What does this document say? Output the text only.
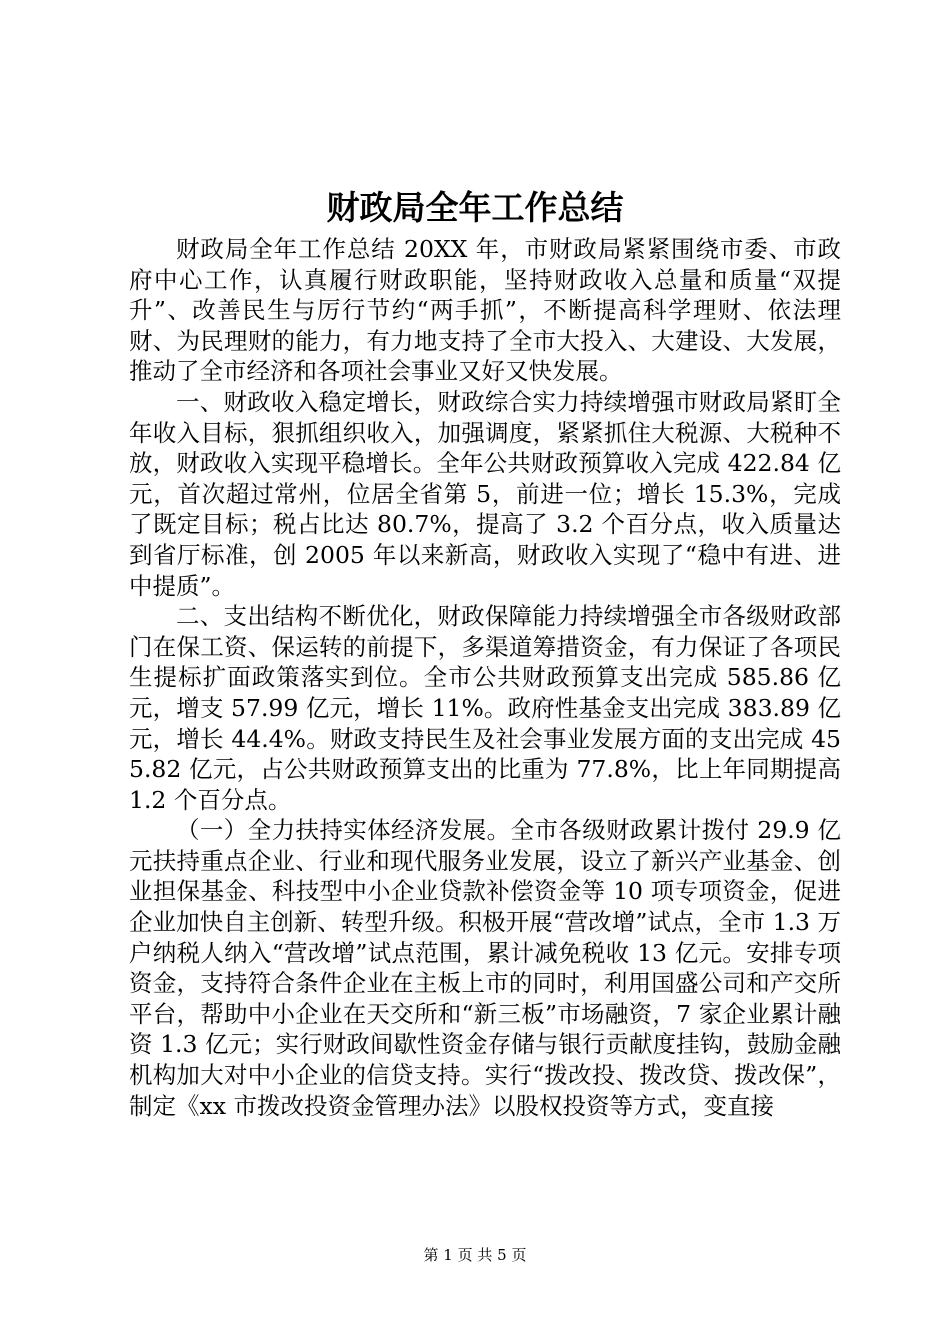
财政局全年工作总结

财政局全年工作总结 20XX 年，市财政局紧紧围绕市委、市政府中心工作，认真履行财政职能，坚持财政收入总量和质量“双提升”、改善民生与厉行节约“两手抓”，不断提高科学理财、依法理财、为民理财的能力，有力地支持了全市大投入、大建设、大发展，推动了全市经济和各项社会事业又好又快发展。

一、财政收入稳定增长，财政综合实力持续增强市财政局紧盯全年收入目标，狠抓组织收入，加强调度，紧紧抓住大税源、大税种不放，财政收入实现平稳增长。全年公共财政预算收入完成 422.84 亿元，首次超过常州，位居全省第 5，前进一位；增长 15.3%，完成了既定目标；税占比达 80.7%，提高了 3.2 个百分点，收入质量达到省厅标准，创 2005 年以来新高，财政收入实现了“稳中有进、进中提质”。

二、支出结构不断优化，财政保障能力持续增强全市各级财政部门在保工资、保运转的前提下，多渠道筹措资金，有力保证了各项民生提标扩面政策落实到位。全市公共财政预算支出完成 585.86 亿元，增支 57.99 亿元，增长 11%。政府性基金支出完成 383.89 亿元，增长 44.4%。财政支持民生及社会事业发展方面的支出完成 455.82 亿元，占公共财政预算支出的比重为 77.8%，比上年同期提高 1.2 个百分点。

（一）全力扶持实体经济发展。全市各级财政累计拨付 29.9 亿元扶持重点企业、行业和现代服务业发展，设立了新兴产业基金、创业担保基金、科技型中小企业贷款补偿资金等 10 项专项资金，促进企业加快自主创新、转型升级。积极开展“营改增”试点，全市 1.3 万户纳税人纳入“营改增”试点范围，累计减免税收 13 亿元。安排专项资金，支持符合条件企业在主板上市的同时，利用国盛公司和产交所平台，帮助中小企业在天交所和“新三板”市场融资，7 家企业累计融资 1.3 亿元；实行财政间歇性资金存储与银行贡献度挂钩，鼓励金融机构加大对中小企业的信贷支持。实行“拨改投、拨改贷、拨改保”，制定《xx 市拨改投资金管理办法》以股权投资等方式，变直接

第 1 页 共 5 页
